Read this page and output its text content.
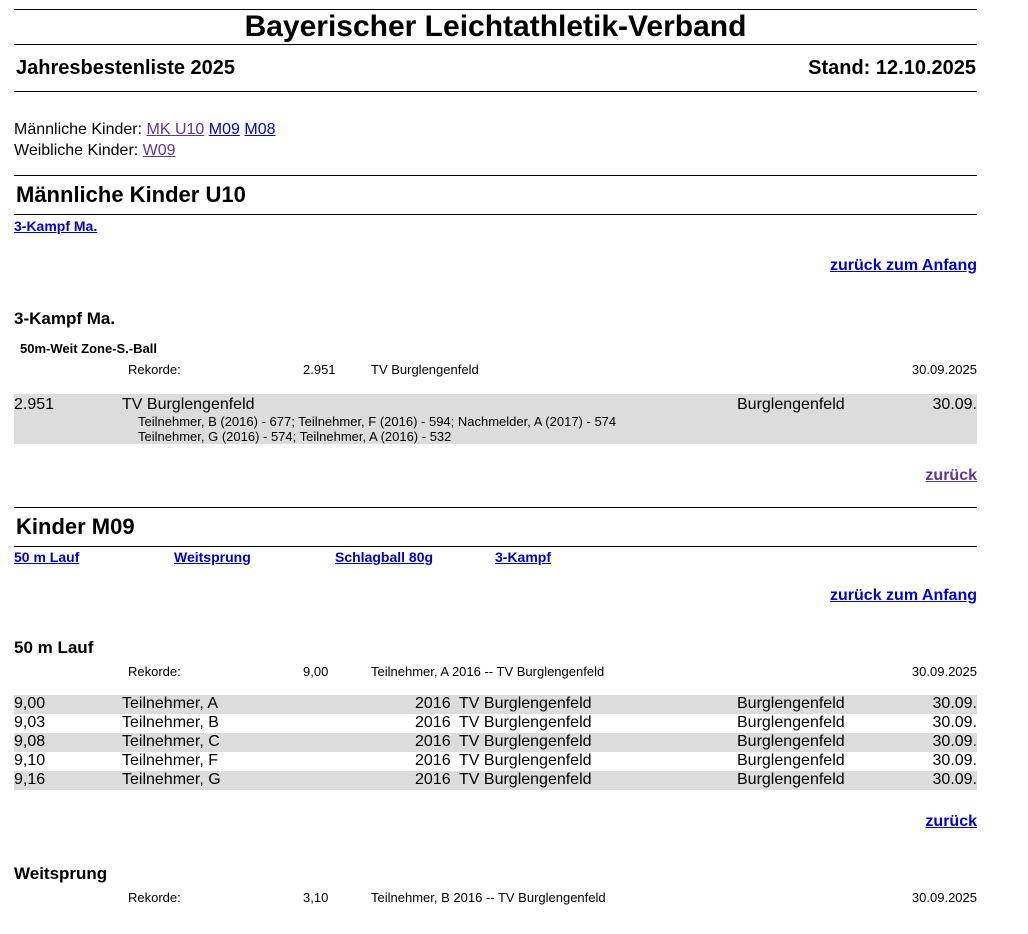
Bayerischer Leichtathletik-Verband
Jahresbestenliste 2025	Stand: 12.10.2025
Männliche Kinder: MK U10 M09 M08
Weibliche Kinder: W09
Männliche Kinder U10
3-Kampf Ma.
zurück zum Anfang
3-Kampf Ma.
50m-Weit Zone-S.-Ball
Rekorde:	2.951	TV Burglengenfeld	30.09.2025
2.951	TV Burglengenfeld	Burglengenfeld	30.09.
Teilnehmer, B (2016) - 677; Teilnehmer, F (2016) - 594; Nachmelder, A (2017) - 574
Teilnehmer, G (2016) - 574; Teilnehmer, A (2016) - 532
zurück
Kinder M09
50 m Lauf	Weitsprung	Schlagball 80g	3-Kampf
zurück zum Anfang
50 m Lauf
Rekorde:	9,00	Teilnehmer, A 2016 -- TV Burglengenfeld	30.09.2025
9,00	Teilnehmer, A	2016 TV Burglengenfeld	Burglengenfeld	30.09.
9,03	Teilnehmer, B	2016 TV Burglengenfeld	Burglengenfeld	30.09.
9,08	Teilnehmer, C	2016 TV Burglengenfeld	Burglengenfeld	30.09.
9,10	Teilnehmer, F	2016 TV Burglengenfeld	Burglengenfeld	30.09.
9,16	Teilnehmer, G	2016 TV Burglengenfeld	Burglengenfeld	30.09.
zurück
Weitsprung
Rekorde:	3,10	Teilnehmer, B 2016 -- TV Burglengenfeld	30.09.2025
